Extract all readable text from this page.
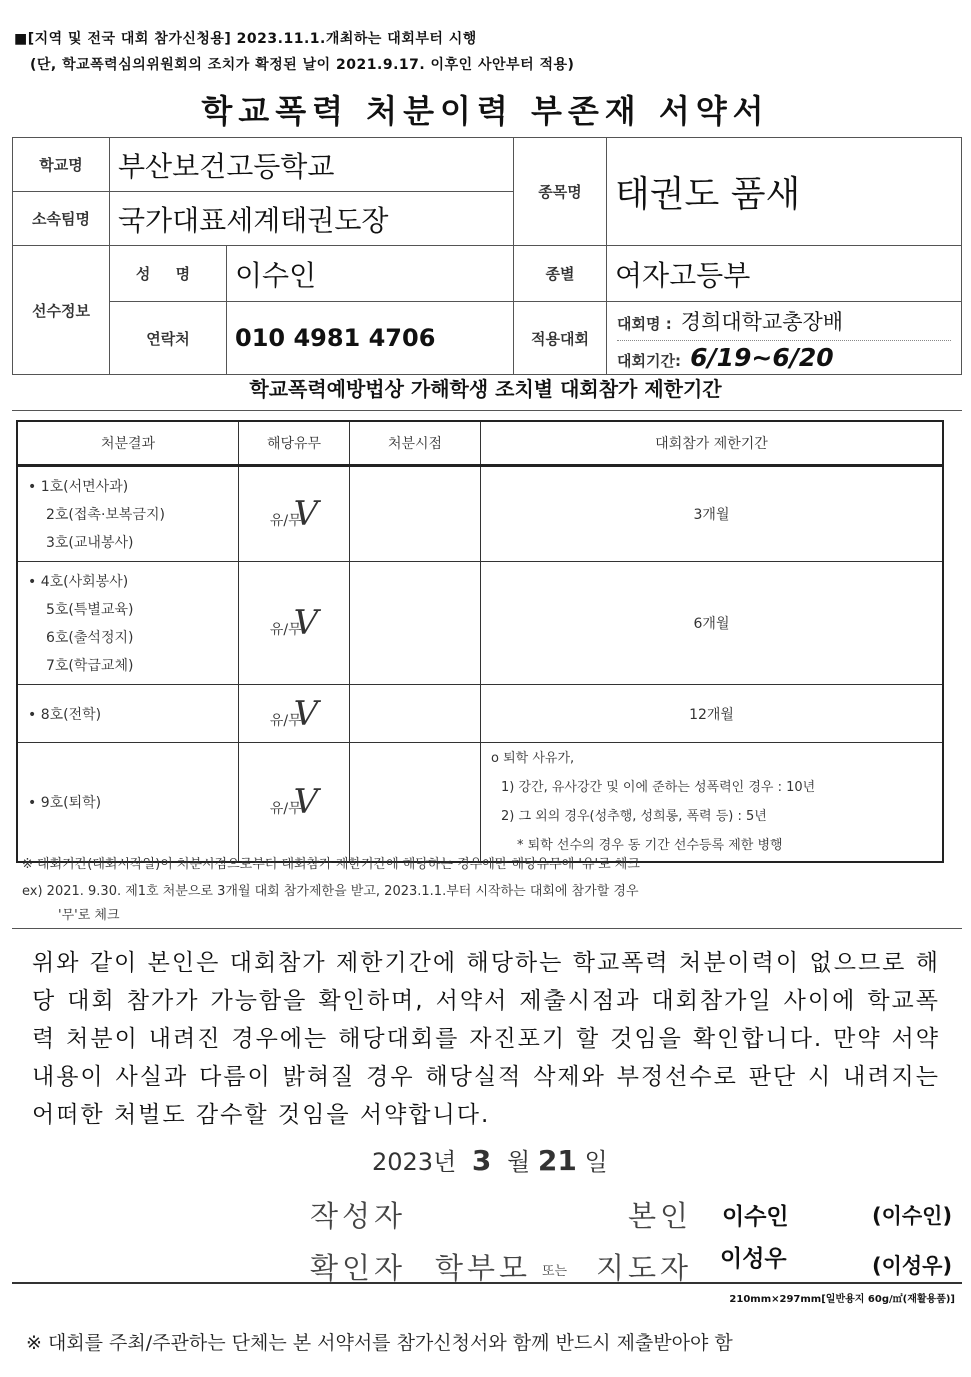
■[지역 및 전국 대회 참가신청용] 2023.11.1.개최하는 대회부터 시행
(단, 학교폭력심의위원회의 조치가 확정된 날이 2021.9.17. 이후인 사안부터 적용)
학교폭력 처분이력 부존재 서약서
학교명	부산보건고등학교		종목명	태권도 품새
소속팀명	국가대표세계태권도장			
선수정보	성 명	이수인	종별	여자고등부
	연락처	010 4981 4706	적용대회	대회명 : 경희대학교총장배
대회기간: 6/19~6/20
학교폭력예방법상 가해학생 조치별 대회참가 제한기간
처분결과	해당유무	처분시점	대회참가 제한기간

• 1호(서면사과)
2호(접촉·보복금지)
3호(교내봉사)	유/무V		3개월

• 4호(사회봉사)
5호(특별교육)
6호(출석정지)
7호(학급교체)	유/무V		6개월

• 8호(전학)	유/무V		12개월

• 9호(퇴학)	유/무V		o 퇴학 사유가,
1) 강간, 유사강간 및 이에 준하는 성폭력인 경우 : 10년
2) 그 외의 경우(성추행, 성희롱, 폭력 등) : 5년
* 퇴학 선수의 경우 동 기간 선수등록 제한 병행
※ 대회기간(대회시작일)이 처분시점으로부터 대회참가 제한기간에 해당하는 경우에만 해당유무에 '유'로 체크
ex) 2021. 9.30. 제1호 처분으로 3개월 대회 참가제한을 받고, 2023.1.1.부터 시작하는 대회에 참가할 경우
'무'로 체크
위와 같이 본인은 대회참가 제한기간에 해당하는 학교폭력 처분이력이 없으므로 해당 대회 참가가 가능함을 확인하며, 서약서 제출시점과 대회참가일 사이에 학교폭력 처분이 내려진 경우에는 해당대회를 자진포기 할 것임을 확인합니다. 만약 서약내용이 사실과 다름이 밝혀질 경우 해당실적 삭제와 부정선수로 판단 시 내려지는 어떠한 처벌도 감수할 것임을 서약합니다.
2023년 3 월 21 일
작성자	본인 이수인	(이수인)
확인자 학부모 또는 지도자 이성우	(이성우)
210mm×297mm[일반용지 60g/㎡(재활용품)]
※ 대회를 주최/주관하는 단체는 본 서약서를 참가신청서와 함께 반드시 제출받아야 함
